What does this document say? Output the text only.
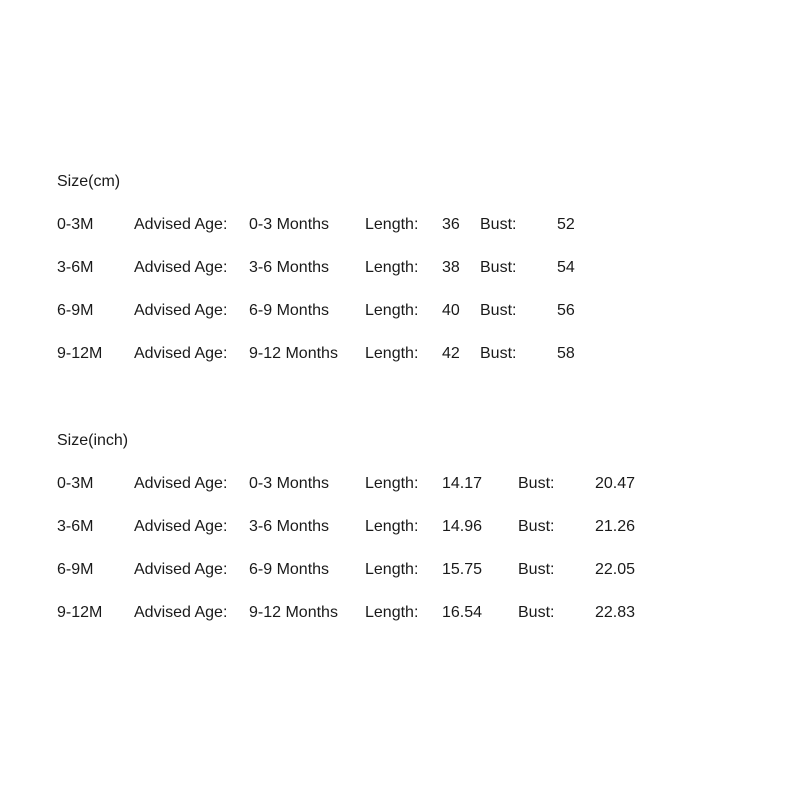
Size(cm)
0-3M	Advised Age: 0-3 Months Length: 36 Bust:	52
3-6M	Advised Age: 3-6 Months Length: 38 Bust:	54
6-9M	Advised Age: 6-9 Months Length: 40 Bust:	56
9-12M Advised Age: 9-12 Months Length: 42 Bust:	58
Size(inch)
0-3M	Advised Age: 0-3 Months Length: 14.17 Bust:	20.47
3-6M	Advised Age: 3-6 Months Length: 14.96 Bust:	21.26
6-9M	Advised Age: 6-9 Months Length: 15.75 Bust:	22.05
9-12M Advised Age: 9-12 Months Length: 16.54 Bust:	22.83
